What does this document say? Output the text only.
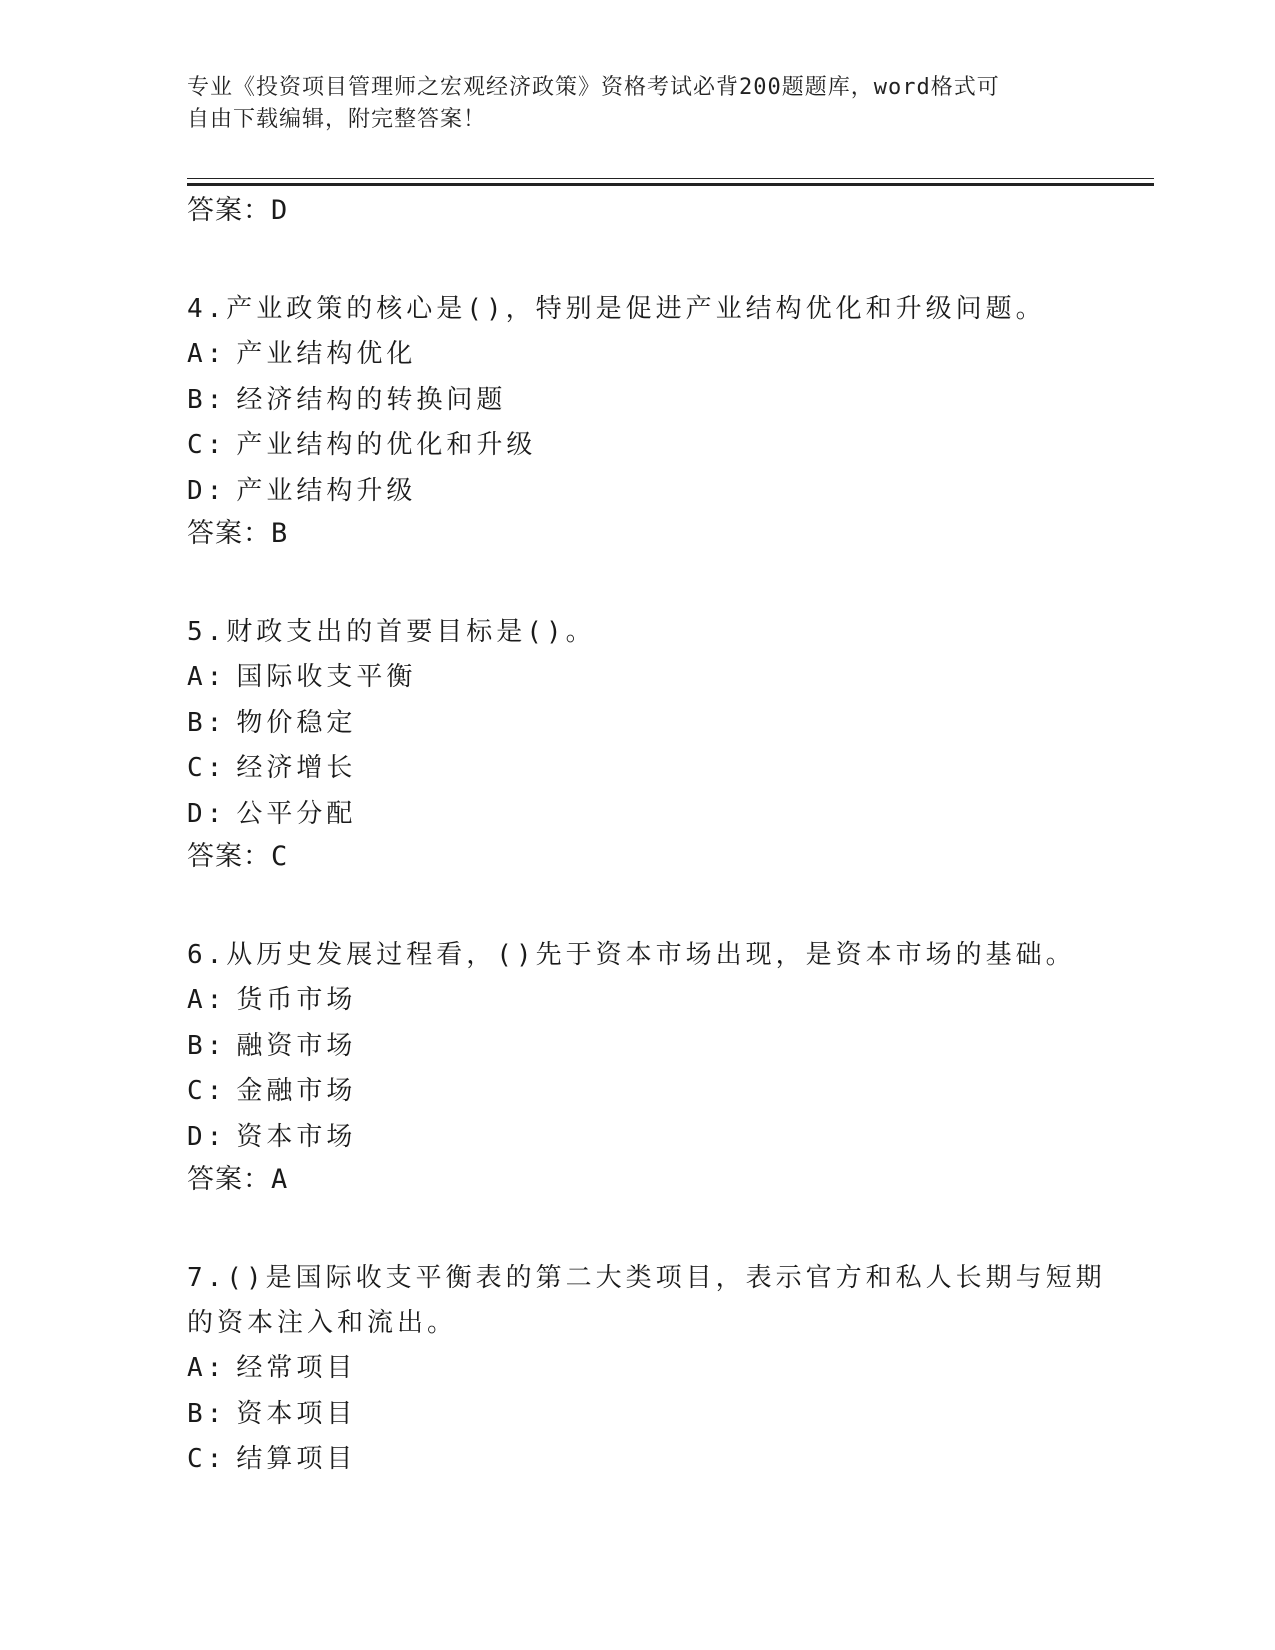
专业《投资项目管理师之宏观经济政策》资格考试必背200题题库，word格式可
自由下载编辑，附完整答案！
答案：D
4.产业政策的核心是()，特别是促进产业结构优化和升级问题。
A: 产业结构优化
B: 经济结构的转换问题
C: 产业结构的优化和升级
D: 产业结构升级
答案：B
5.财政支出的首要目标是()。
A: 国际收支平衡
B: 物价稳定
C: 经济增长
D: 公平分配
答案：C
6.从历史发展过程看，()先于资本市场出现，是资本市场的基础。
A: 货币市场
B: 融资市场
C: 金融市场
D: 资本市场
答案：A
7.()是国际收支平衡表的第二大类项目，表示官方和私人长期与短期
的资本注入和流出。
A: 经常项目
B: 资本项目
C: 结算项目
